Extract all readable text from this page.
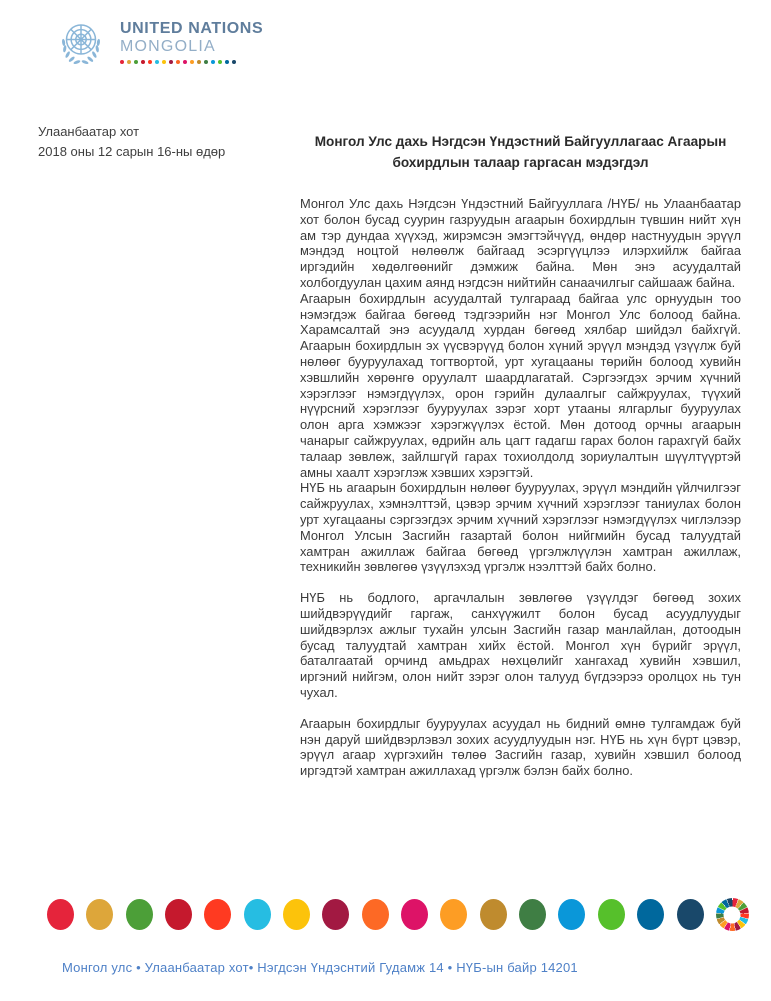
UNITED NATIONS
MONGOLIA
Улаанбаатар хот
2018 оны 12 сарын 16-ны өдөр
Монгол Улс дахь Нэгдсэн Үндэстний Байгууллагаас Агаарын бохирдлын талаар гаргасан мэдэгдэл

Монгол Улс дахь Нэгдсэн Үндэстний Байгууллага /НҮБ/ нь Улаанбаатар хот болон бусад суурин газруудын агаарын бохирдлын түвшин нийт хүн ам тэр дундаа хүүхэд, жирэмсэн эмэгтэйчүүд, өндөр настнуудын эрүүл мэндэд ноцтой нөлөөлж байгаад эсэргүүцлээ илэрхийлж байгаа иргэдийн хөдөлгөөнийг дэмжиж байна. Мөн энэ асуудалтай холбогдуулан цахим аянд нэгдсэн нийтийн санаачилгыг сайшааж байна.

Агаарын бохирдлын асуудалтай тулгараад байгаа улс орнуудын тоо нэмэгдэж байгаа бөгөөд тэдгээрийн нэг Монгол Улс болоод байна. Харамсалтай энэ асуудалд хурдан бөгөөд хялбар шийдэл байхгүй. Агаарын бохирдлын эх үүсвэрүүд болон хүний эрүүл мэндэд үзүүлж буй нөлөөг бууруулахад тогтвортой, урт хугацааны төрийн болоод хувийн хэвшлийн хөрөнгө оруулалт шаардлагатай. Сэргээгдэх эрчим хүчний хэрэглээг нэмэгдүүлэх, орон гэрийн дулаалгыг сайжруулах, түүхий нүүрсний хэрэглээг бууруулах зэрэг хорт утааны ялгарлыг бууруулах олон арга хэмжээг хэрэгжүүлэх ёстой. Мөн дотоод орчны агаарын чанарыг сайжруулах, өдрийн аль цагт гадагш гарах болон гарахгүй байх талаар зөвлөж, зайлшгүй гарах тохиолдолд зориулалтын шүүлтүүртэй амны хаалт хэрэглэж хэвших хэрэгтэй.

НҮБ нь агаарын бохирдлын нөлөөг бууруулах, эрүүл мэндийн үйлчилгээг сайжруулах, хэмнэлттэй, цэвэр эрчим хүчний хэрэглээг таниулах болон урт хугацааны сэргээгдэх эрчим хүчний хэрэглээг нэмэгдүүлэх чиглэлээр Монгол Улсын Засгийн газартай болон нийгмийн бусад талуудтай хамтран ажиллаж байгаа бөгөөд үргэлжлүүлэн хамтран ажиллаж, техникийн зөвлөгөө үзүүлэхэд үргэлж нээлттэй байх болно.

НҮБ нь бодлого, аргачлалын зөвлөгөө үзүүлдэг бөгөөд зохих шийдвэрүүдийг гаргаж, санхүүжилт болон бусад асуудлуудыг шийдвэрлэх ажлыг тухайн улсын Засгийн газар манлайлан, дотоодын бусад талуудтай хамтран хийх ёстой. Монгол хүн бүрийг эрүүл, баталгаатай орчинд амьдрах нөхцөлийг хангахад хувийн хэвшил, иргэний нийгэм, олон нийт зэрэг олон талууд бүгдээрээ оролцох нь тун чухал.

Агаарын бохирдлыг бууруулах асуудал нь бидний өмнө тулгамдаж буй нэн даруй шийдвэрлэвэл зохих асуудлуудын нэг. НҮБ нь хүн бүрт цэвэр, эрүүл агаар хүргэхийн төлөө Засгийн газар, хувийн хэвшил болоод иргэдтэй хамтран ажиллахад үргэлж бэлэн байх болно.

Монгол улс • Улаанбаатар хот• Нэгдсэн Үндэснтий Гудамж 14 • НҮБ-ын байр 14201
